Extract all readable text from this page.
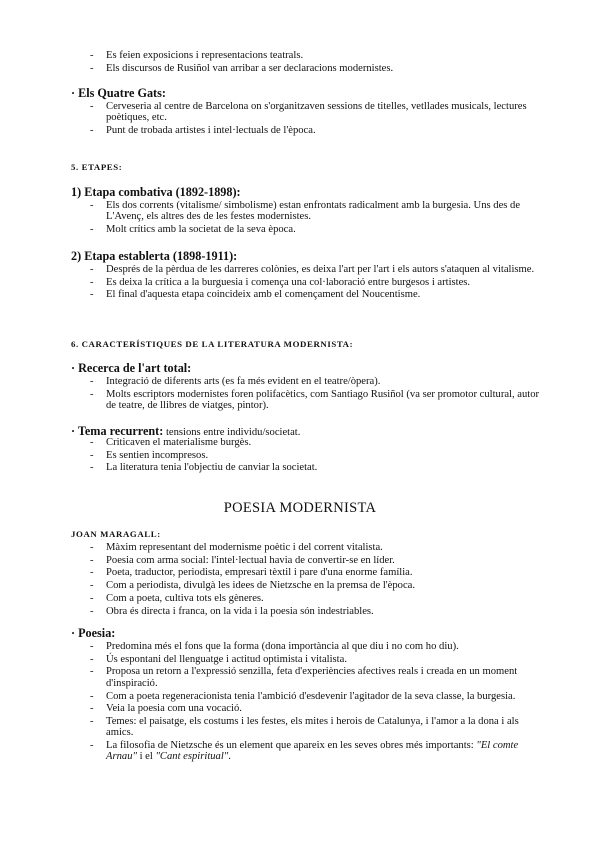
- Es feien exposicions i representacions teatrals.
- Els discursos de Rusiñol van arribar a ser declaracions modernistes.
· Els Quatre Gats:
- Cerveseria al centre de Barcelona on s'organitzaven sessions de titelles, vetllades musicals, lectures poètiques, etc.
- Punt de trobada artistes i intel·lectuals de l'època.
5. ETAPES:
1) Etapa combativa (1892-1898):
- Els dos corrents (vitalisme/ simbolisme) estan enfrontats radicalment amb la burgesia. Uns des de L'Avenç, els altres des de les festes modernistes.
- Molt crítics amb la societat de la seva època.
2) Etapa establerta (1898-1911):
- Després de la pèrdua de les darreres colònies, es deixa l'art per l'art i els autors s'ataquen al vitalisme.
- Es deixa la crítica a la burguesia i comença una col·laboració entre burgesos i artistes.
- El final d'aquesta etapa coincideix amb el començament del Noucentisme.
6. CARACTERÍSTIQUES DE LA LITERATURA MODERNISTA:
· Recerca de l'art total:
- Integració de diferents arts (es fa més evident en el teatre/òpera).
- Molts escriptors modernistes foren polifacètics, com Santiago Rusiñol (va ser promotor cultural, autor de teatre, de llibres de viatges, pintor).
· Tema recurrent: tensions entre individu/societat.
- Criticaven el materialisme burgès.
- Es sentien incompresos.
- La literatura tenia l'objectiu de canviar la societat.
POESIA MODERNISTA
JOAN MARAGALL:
- Màxim representant del modernisme poètic i del corrent vitalista.
- Poesia com arma social: l'intel·lectual havia de convertir-se en líder.
- Poeta, traductor, periodista, empresari tèxtil i pare d'una enorme família.
- Com a periodista, divulgà les idees de Nietzsche en la premsa de l'època.
- Com a poeta, cultiva tots els gèneres.
- Obra és directa i franca, on la vida i la poesia són indestriables.
· Poesia:
- Predomina més el fons que la forma (dona importància al que diu i no com ho diu).
- Ús espontani del llenguatge i actitud optimista i vitalista.
- Proposa un retorn a l'expressió senzilla, feta d'experiències afectives reals i creada en un moment d'inspiració.
- Com a poeta regeneracionista tenia l'ambició d'esdevenir l'agitador de la seva classe, la burgesia.
- Veia la poesia com una vocació.
- Temes: el paisatge, els costums i les festes, els mites i herois de Catalunya, i l'amor a la dona i als amics.
- La filosofia de Nietzsche és un element que apareix en les seves obres més importants: "El comte Arnau" i el "Cant espiritual".
